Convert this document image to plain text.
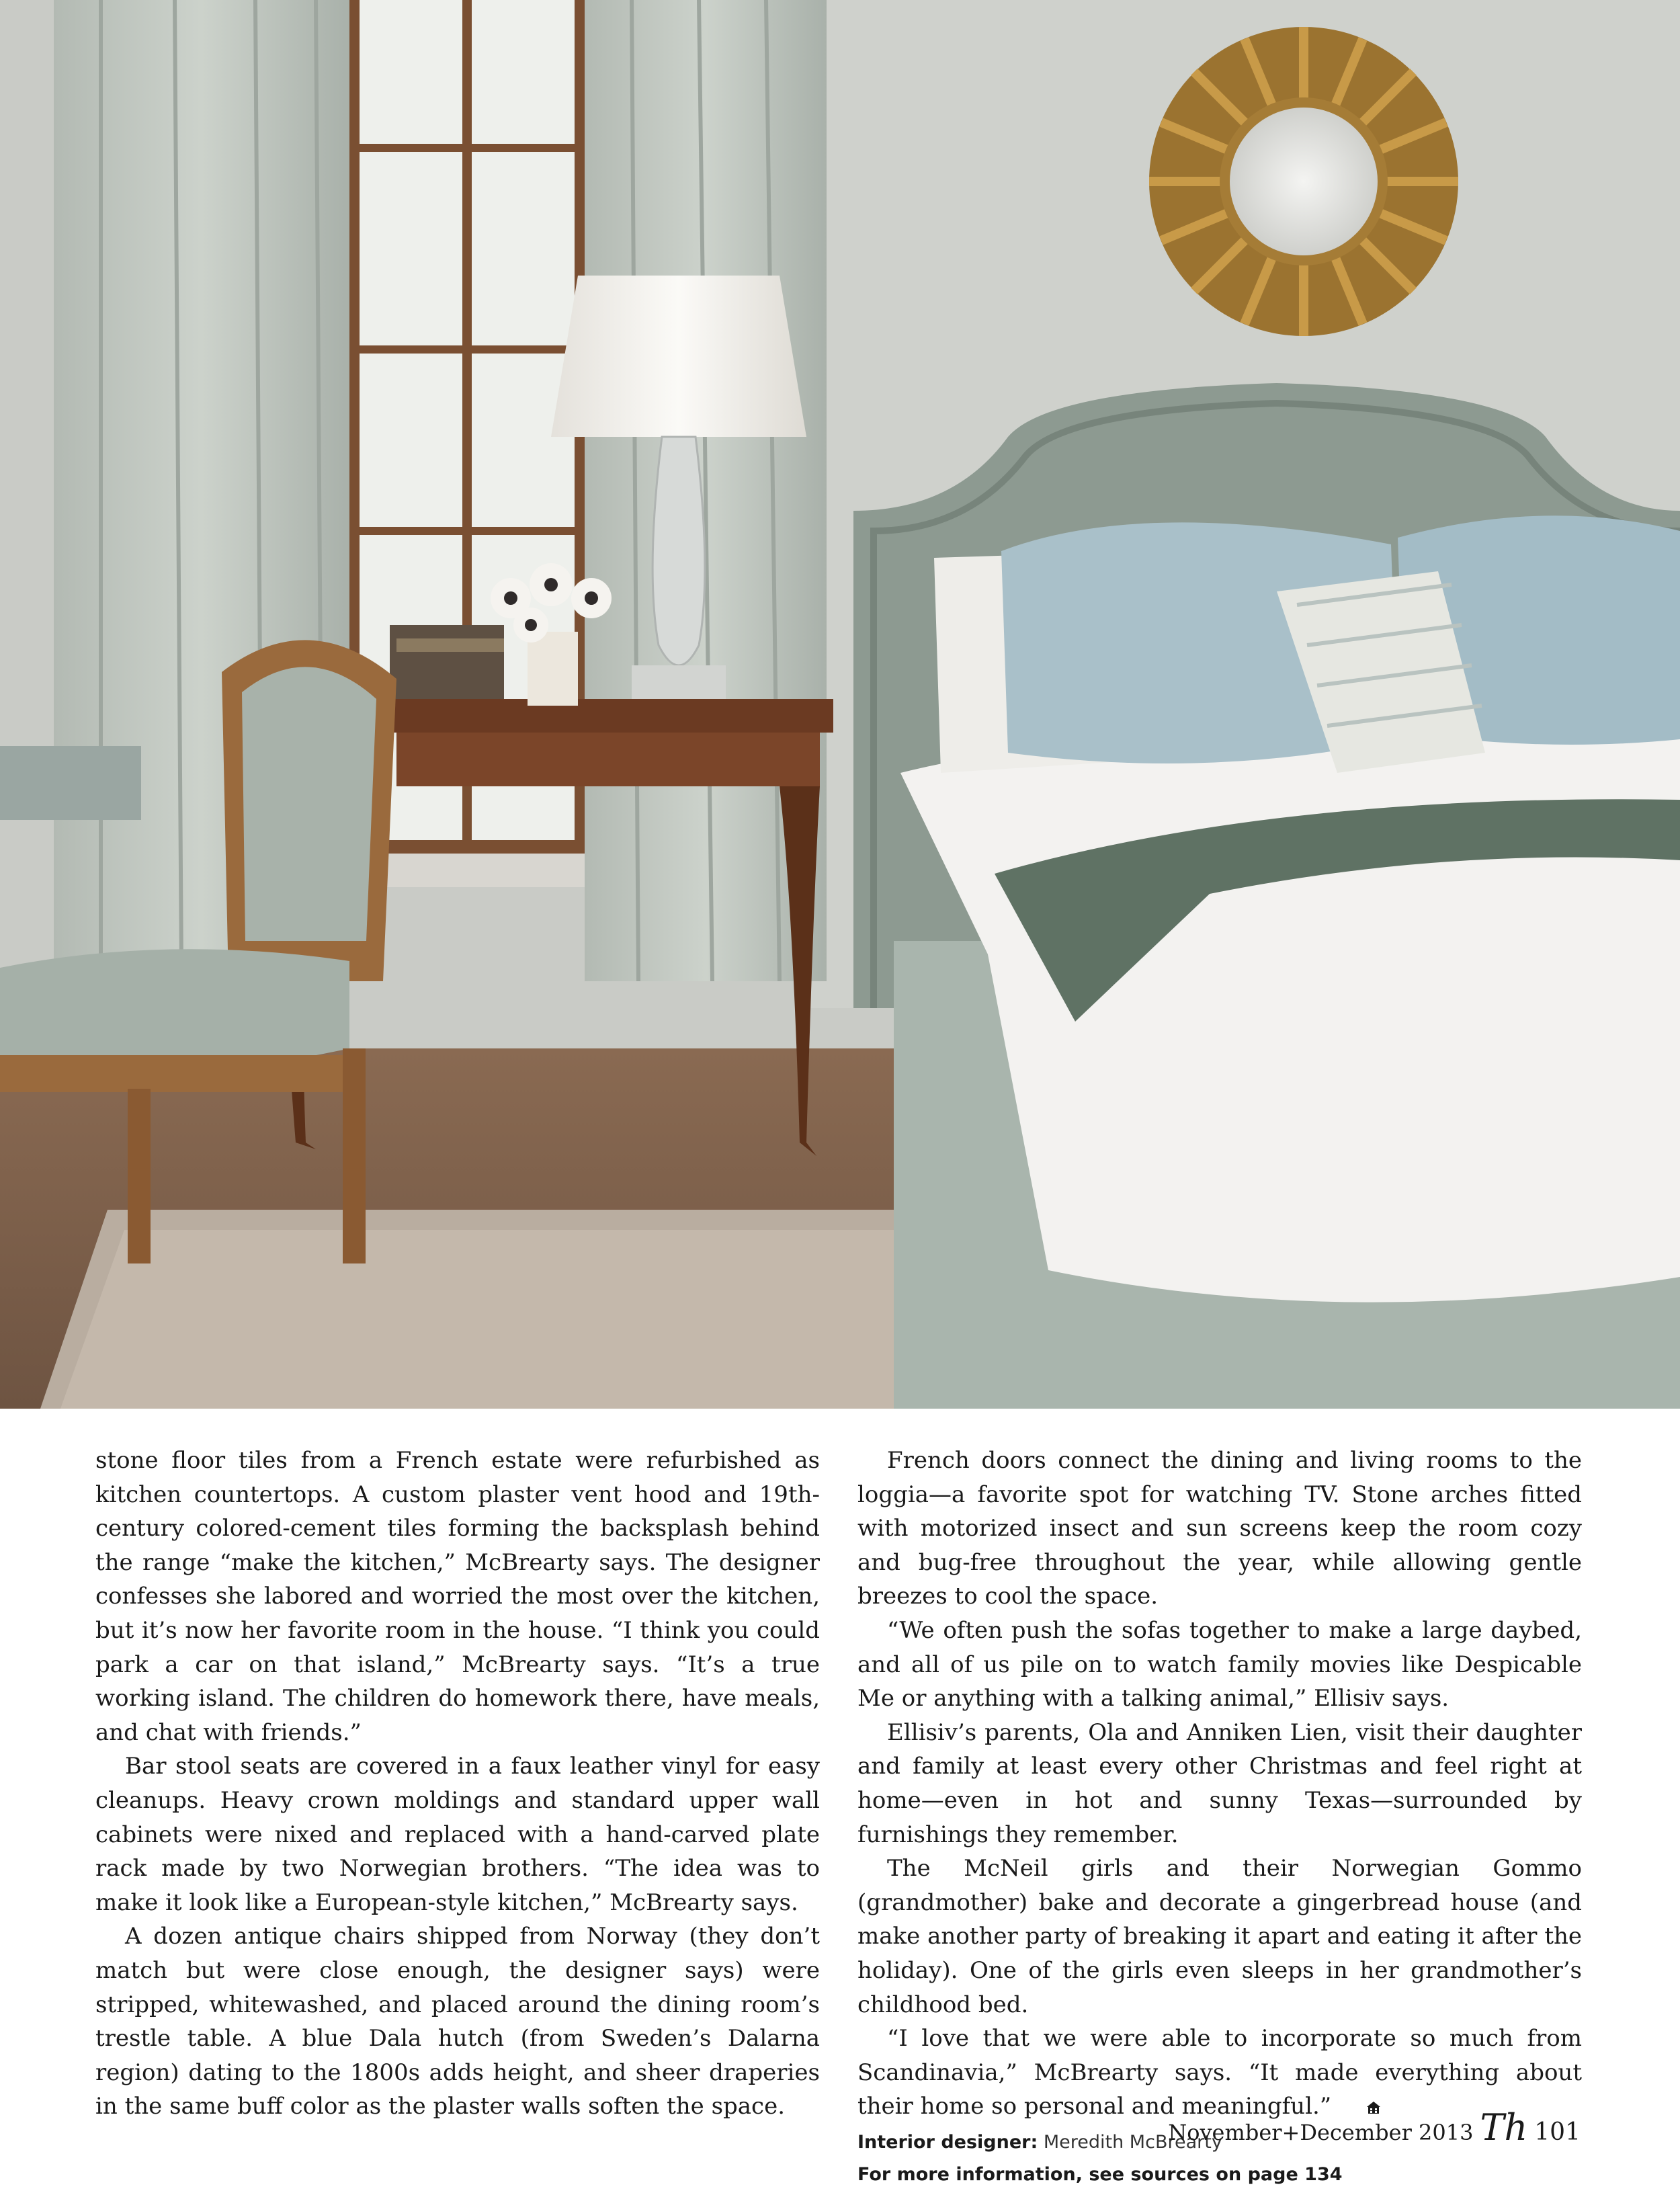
stone floor tiles from a French estate were refurbished as kitchen countertops. A custom plaster vent hood and 19th-century colored-cement tiles forming the backsplash behind the range “make the kitchen,” McBrearty says. The designer confesses she labored and worried the most over the kitchen, but it’s now her favorite room in the house. “I think you could park a car on that island,” McBrearty says. “It’s a true working island. The children do homework there, have meals, and chat with friends.”

Bar stool seats are covered in a faux leather vinyl for easy cleanups. Heavy crown moldings and standard upper wall cabinets were nixed and replaced with a hand-carved plate rack made by two Norwegian brothers. “The idea was to make it look like a European-style kitchen,” McBrearty says.

A dozen antique chairs shipped from Norway (they don’t match but were close enough, the designer says) were stripped, whitewashed, and placed around the dining room’s trestle table. A blue Dala hutch (from Sweden’s Dalarna region) dating to the 1800s adds height, and sheer draperies in the same buff color as the plaster walls soften the space.

French doors connect the dining and living rooms to the loggia—a favorite spot for watching TV. Stone arches fitted with motorized insect and sun screens keep the room cozy and bug-free throughout the year, while allowing gentle breezes to cool the space.

“We often push the sofas together to make a large daybed, and all of us pile on to watch family movies like Despicable Me or anything with a talking animal,” Ellisiv says.

Ellisiv’s parents, Ola and Anniken Lien, visit their daughter and family at least every other Christmas and feel right at home—even in hot and sunny Texas—surrounded by furnishings they remember.

The McNeil girls and their Norwegian Gommo (grandmother) bake and decorate a gingerbread house (and make another party of breaking it apart and eating it after the holiday). One of the girls even sleeps in her grandmother’s childhood bed.

“I love that we were able to incorporate so much from Scandinavia,” McBrearty says. “It made everything about their home so personal and meaningful.”

Interior designer: Meredith McBrearty
For more information, see sources on page 134
November+December 2013 Th 101
